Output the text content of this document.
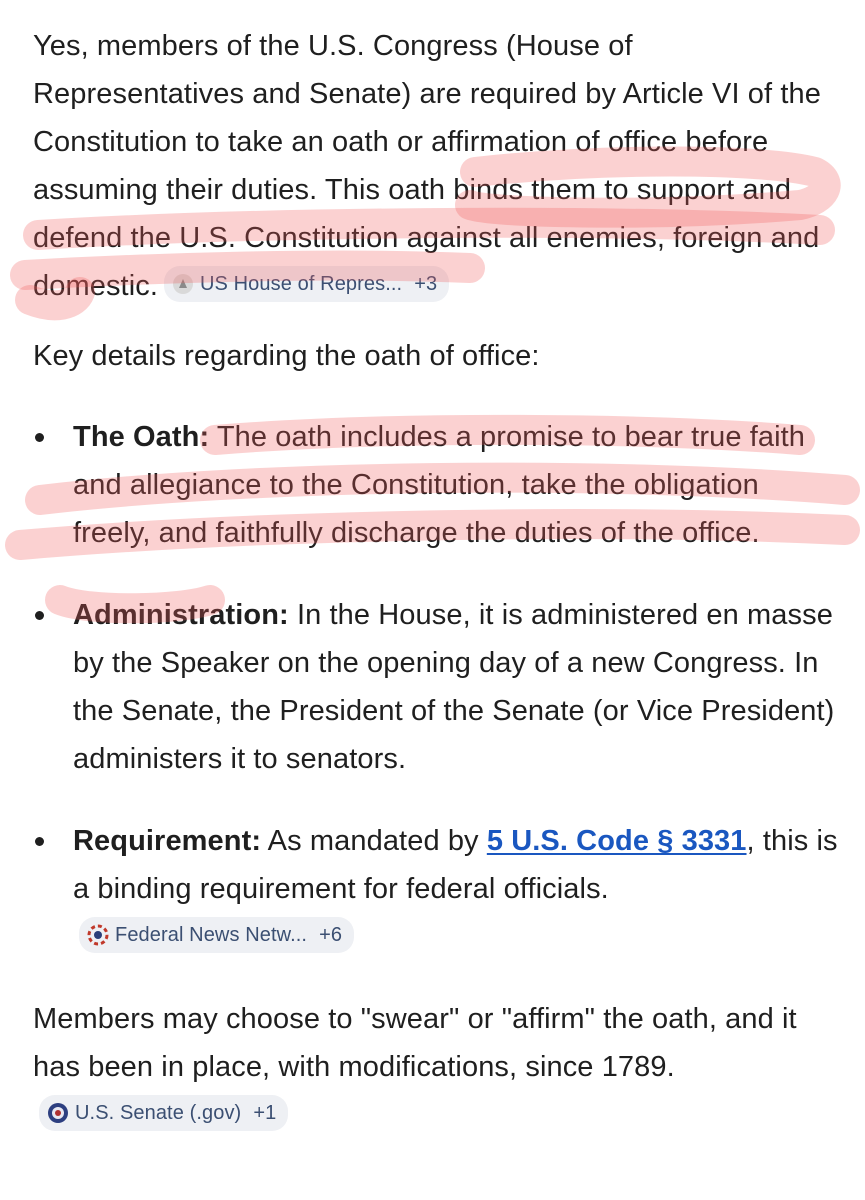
Yes, members of the U.S. Congress (House of Representatives and Senate) are required by Article VI of the Constitution to take an oath or affirmation of office before assuming their duties. This oath binds them to support and defend the U.S. Constitution against all enemies, foreign and domestic. US House of Repres... +3

Key details regarding the oath of office:

The Oath: The oath includes a promise to bear true faith and allegiance to the Constitution, take the obligation freely, and faithfully discharge the duties of the office.
Administration: In the House, it is administered en masse by the Speaker on the opening day of a new Congress. In the Senate, the President of the Senate (or Vice President) administers it to senators.
Requirement: As mandated by 5 U.S. Code § 3331, this is a binding requirement for federal officials.
Federal News Netw... +6

Members may choose to "swear" or "affirm" the oath, and it has been in place, with modifications, since 1789.
U.S. Senate (.gov) +1
